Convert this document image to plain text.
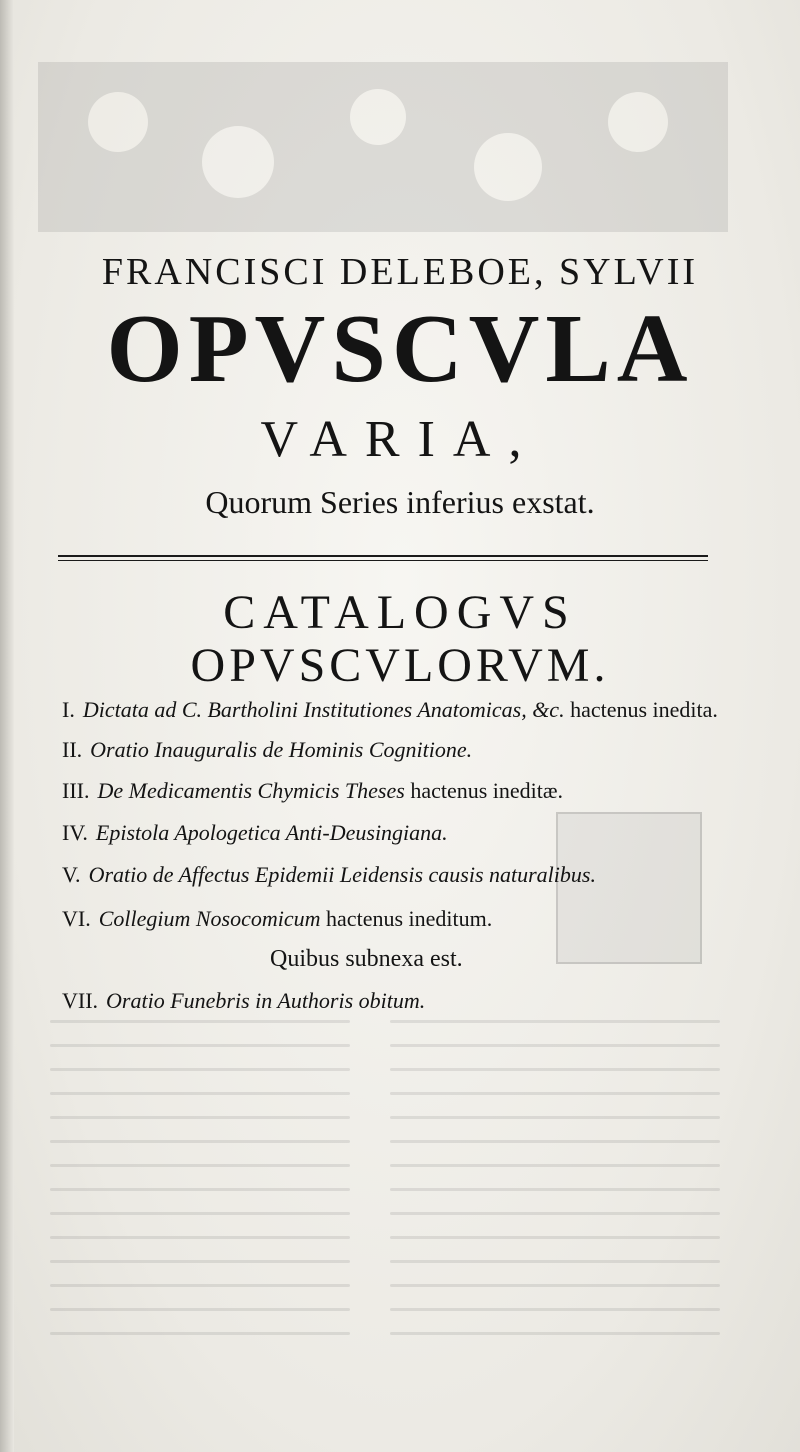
FRANCISCI DELEBOE, SYLVII
OPVSCVLA
VARIA,
Quorum Series inferius exstat.
CATALOGVS
OPVSCVLORVM.
I. Dictata ad C. Bartholini Institutiones Anatomicas, &c. hactenus inedita.
II. Oratio Inauguralis de Hominis Cognitione.
III. De Medicamentis Chymicis Theses hactenus ineditæ.
IV. Epistola Apologetica Anti-Deusingiana.
V. Oratio de Affectus Epidemii Leidensis causis naturalibus.
VI. Collegium Nosocomicum hactenus ineditum.
Quibus subnexa est.
VII. Oratio Funebris in Authoris obitum.
